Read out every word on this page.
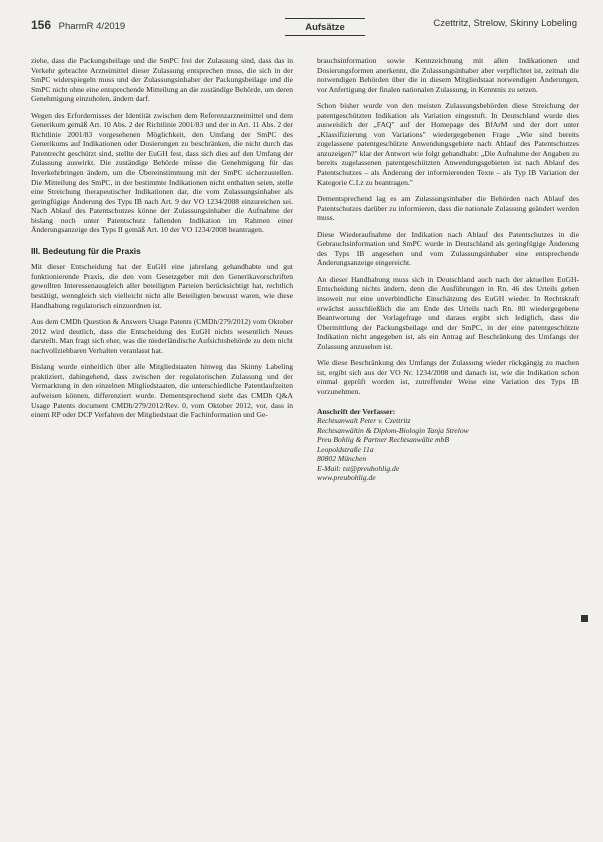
156 PharmR 4/2019	Aufsätze	Czettritz, Strelow, Skinny Lobeling

ziehe, dass die Packungsbeilage und die SmPC frei der Zulassung sind, dass das in Verkehr gebrachte Arzneimittel dieser Zulassung entsprechen muss, die sich in der SmPC widerspiegeln muss und der Zulassungsinhaber der Packungsbeilage und die SmPC nicht ohne eine entsprechende Mitteilung an die zuständige Behörde, um deren Genehmigung einzuholen, ändern darf.

Wegen des Erfordernisses der Identität zwischen dem Referenzarzneimittel und dem Generikum gemäß Art. 10 Abs. 2 der Richtlinie 2001/83 und der in Art. 11 Abs. 2 der Richtlinie 2001/83 vorgesehenen Möglichkeit, den Umfang der SmPC des Generikums auf Indikationen oder Dosierungen zu beschränken, die nicht durch das Patentrecht geschützt sind, stellte der EuGH fest, dass sich dies auf den Umfang der Zulassung auswirkt. Die zuständige Behörde müsse die Genehmigung für das Inverkehrbringen ändern, um die Übereinstimmung mit der SmPC sicherzustellen. Die Mitteilung des SmPC, in der bestimmte Indikationen nicht enthalten seien, stelle eine Streichung therapeutischer Indikationen dar, die vom Zulassungsinhaber als geringfügige Änderung des Typs IB nach Art. 9 der VO 1234/2008 einzureichen sei. Nach Ablauf des Patentschutzes könne der Zulassungsinhaber die Aufnahme der bislang noch unter Patentschutz fallenden Indikation im Rahmen einer Änderungsanzeige des Typs II gemäß Art. 10 der VO 1234/2008 beantragen.

III. Bedeutung für die Praxis

Mit dieser Entscheidung hat der EuGH eine jahrelang gehandhabte und gut funktionierende Praxis, die den vom Gesetzgeber mit den Generikavorschriften gewollten Interessenausgleich aller beteiligten Parteien berücksichtigt hat, rechtlich bestätigt, wenngleich sich vielleicht nicht alle Beteiligten bewusst waren, wie diese Handhabung regulatorisch einzuordnen ist.

Aus dem CMDh Question & Answers Usage Patents (CMDh/279/2012) vom Oktober 2012 wird deutlich, dass die Entscheidung des EuGH nichts wesentlich Neues darstellt. Man fragt sich eher, was die niederländische Aufsichtsbehörde zu dem nicht nachvollziehbaren Verhalten veranlasst hat.

Bislang wurde einheitlich über alle Mitgliedstaaten hinweg das Skinny Labeling praktiziert, dahingehend, dass zwischen der regulatorischen Zulassung und der Vermarktung in den einzelnen Mitgliedstaaten, die unterschiedliche Patentlaufzeiten aufweisen können, differenziert wurde. Dementsprechend sieht das CMDh Q&A Usage Patents document CMDh/279/2012/Rev. 0, vom Oktober 2012, vor, dass in einem RP oder DCP Verfahren der Mitgliedstaat die Fachinformation und Ge-

brauchsinformation sowie Kennzeichnung mit allen Indikationen und Dosierungsformen anerkennt, die Zulassungsinhaber aber verpflichtet ist, zeitnah die notwendigen Behörden über die in diesem Mitgliedstaat notwendigen Änderungen, vor Anfertigung der finalen nationalen Zulassung, in Kenntnis zu setzen.

Schon bisher wurde von den meisten Zulassungsbehörden diese Streichung der patentgeschützten Indikation als Variation eingestuft. In Deutschland wurde dies ausweislich der „FAQ" auf der Homepage des BfArM und der dort unter „Klassifizierung von Variations" wiedergegebenen Frage „Wie sind bereits zugelassene patentgeschützte Anwendungsgebiete nach Ablauf des Patentschutzes anzuzeigen?" klar der Antwort wie folgt gehandhabt: „Die Aufnahme der Angaben zu bereits zugelassenen patentgeschützten Anwendungsgebieten ist nach Ablauf des Patentschutzes – als Änderung der informierenden Texte – als Typ IB Variation der Kategorie C.I.z zu beantragen."

Dementsprechend lag es am Zulassungsinhaber die Behörden nach Ablauf des Patentschutzes darüber zu informieren, dass die nationale Zulassung geändert werden muss.

Diese Wiederaufnahme der Indikation nach Ablauf des Patentschutzes in die Gebrauchsinformation und SmPC wurde in Deutschland als geringfügige Änderung des Typs IB angesehen und vom Zulassungsinhaber eine entsprechende Änderungsanzeige eingereicht.

An dieser Handhabung muss sich in Deutschland auch nach der aktuellen EuGH-Entscheidung nichts ändern, denn die Ausführungen in Rn. 46 des Urteils geben insoweit nur eine unverbindliche Einschätzung des EuGH wieder. In Rechtskraft erwächst ausschließlich die am Ende des Urteils nach Rn. 80 wiedergegebene Beantwortung der Vorlagefrage und daraus ergibt sich lediglich, dass die Übermittlung der Packungsbeilage und der SmPC, in der eine patentgeschützte Indikation nicht angegeben ist, als ein Antrag auf Beschränkung des Umfangs der Zulassung anzusehen ist.

Wie diese Beschränkung des Umfangs der Zulassung wieder rückgängig zu machen ist, ergibt sich aus der VO Nr. 1234/2008 und danach ist, wie die Indikation schon einmal geprüft worden ist, zutreffender Weise eine Variation des Typs IB vorzunehmen.

Anschrift der Verfasser:
Rechtsanwalt Peter v. Czettritz
Rechtsanwältin & Diplom-Biologin Tanja Strelow
Preu Bohlig & Partner Rechtsanwälte mbB
Leopoldstraße 11a
80802 München
E-Mail: tst@preubohlig.de
www.preubohlig.de
